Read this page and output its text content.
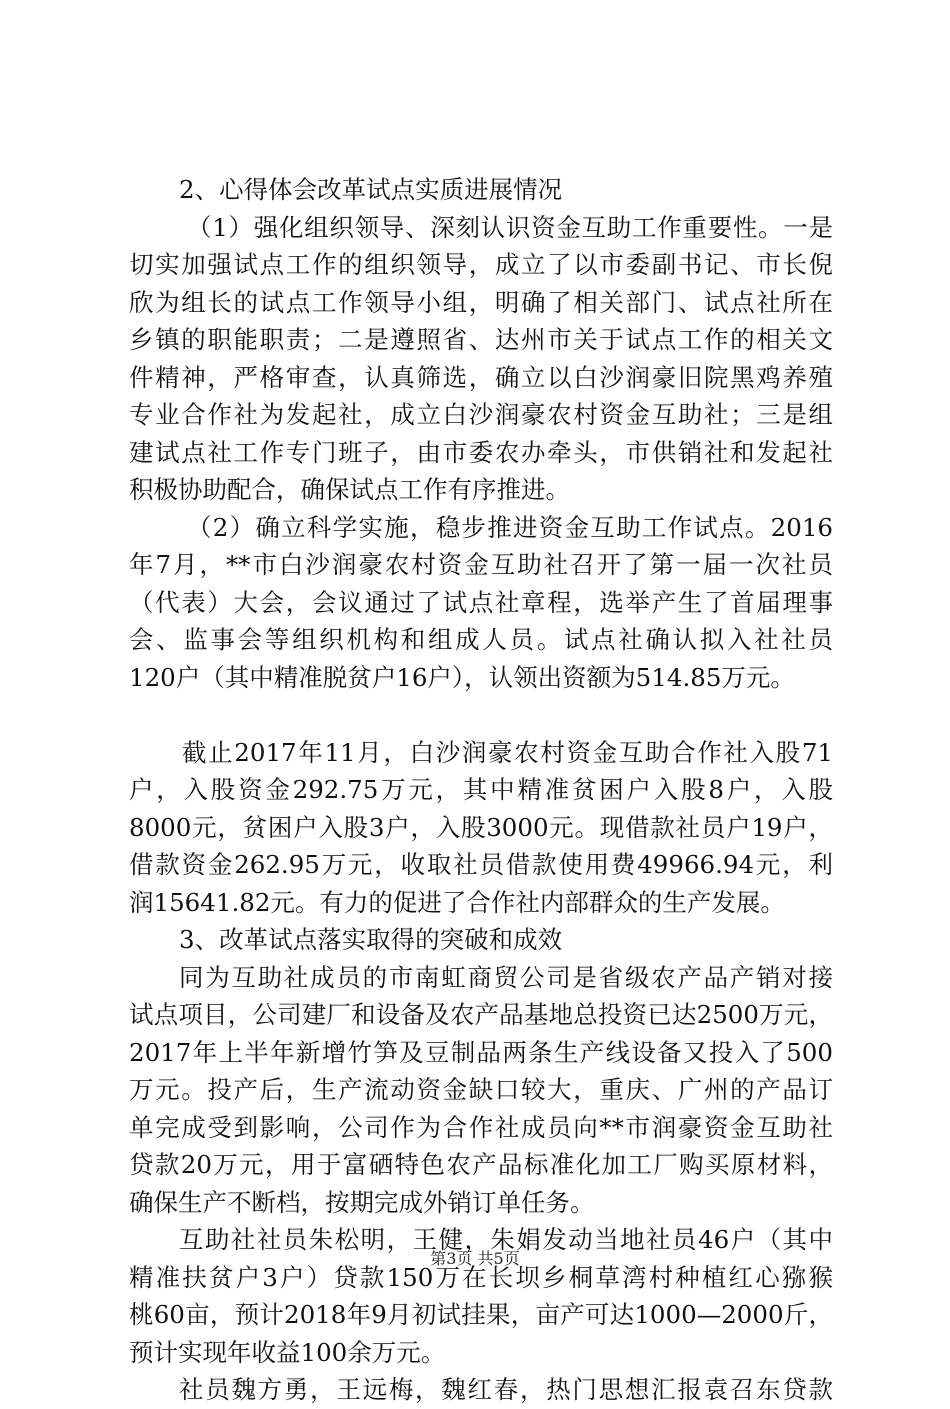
2、心得体会改革试点实质进展情况
（1）强化组织领导、深刻认识资金互助工作重要性。一是
切实加强试点工作的组织领导，成立了以市委副书记、市长倪
欣为组长的试点工作领导小组，明确了相关部门、试点社所在
乡镇的职能职责；二是遵照省、达州市关于试点工作的相关文
件精神，严格审查，认真筛选，确立以白沙润豪旧院黑鸡养殖
专业合作社为发起社，成立白沙润豪农村资金互助社；三是组
建试点社工作专门班子，由市委农办牵头，市供销社和发起社
积极协助配合，确保试点工作有序推进。
（2）确立科学实施，稳步推进资金互助工作试点。2016
年7月，**市白沙润豪农村资金互助社召开了第一届一次社员
（代表）大会，会议通过了试点社章程，选举产生了首届理事
会、监事会等组织机构和组成人员。试点社确认拟入社社员
120户（其中精准脱贫户16户），认领出资额为514.85万元。
截止2017年11月，白沙润豪农村资金互助合作社入股71
户，入股资金292.75万元，其中精准贫困户入股8户，入股
8000元，贫困户入股3户，入股3000元。现借款社员户19户，
借款资金262.95万元，收取社员借款使用费49966.94元，利
润15641.82元。有力的促进了合作社内部群众的生产发展。
3、改革试点落实取得的突破和成效
同为互助社成员的市南虹商贸公司是省级农产品产销对接
试点项目，公司建厂和设备及农产品基地总投资已达2500万元，
2017年上半年新增竹笋及豆制品两条生产线设备又投入了500
万元。投产后，生产流动资金缺口较大，重庆、广州的产品订
单完成受到影响，公司作为合作社成员向**市润豪资金互助社
贷款20万元，用于富硒特色农产品标准化加工厂购买原材料，
确保生产不断档，按期完成外销订单任务。
互助社社员朱松明，王健，朱娟发动当地社员46户（其中
精准扶贫户3户）贷款150万在长坝乡桐草湾村种植红心猕猴
桃60亩，预计2018年9月初试挂果，亩产可达1000—2000斤，
预计实现年收益100余万元。
社员魏方勇，王远梅，魏红春，热门思想汇报袁召东贷款
第3页 共5页
